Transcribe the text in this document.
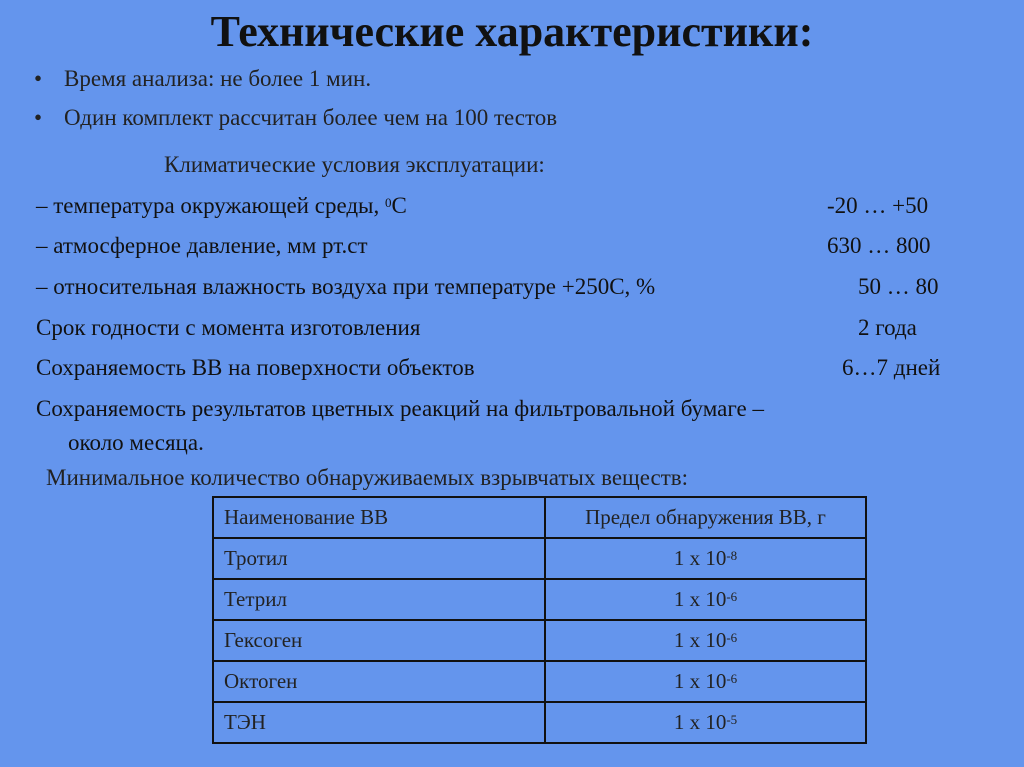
Технические характеристики:
• Время анализа: не более 1 мин.
• Один комплект рассчитан более чем на 100 тестов
Климатические условия эксплуатации:
– температура окружающей среды, $^0$С	-20 … +50
– атмосферное давление, мм рт.ст	630 … 800
– относительная влажность воздуха при температуре +250С, %	50 … 80
Срок годности с момента изготовления	2 года
Сохраняемость ВВ на поверхности объектов	6…7 дней
Сохраняемость результатов цветных реакций на фильтровальной бумаге –
около месяца.
Минимальное количество обнаруживаемых взрывчатых веществ:
Наименование ВВ	Предел обнаружения ВВ, г
Тротил	1 х $10^{-8}$
Тетрил	1 х $10^{-6}$
Гексоген	1 х $10^{-6}$
Октоген	1 х $10^{-6}$
ТЭН	1 х $10^{-5}$
